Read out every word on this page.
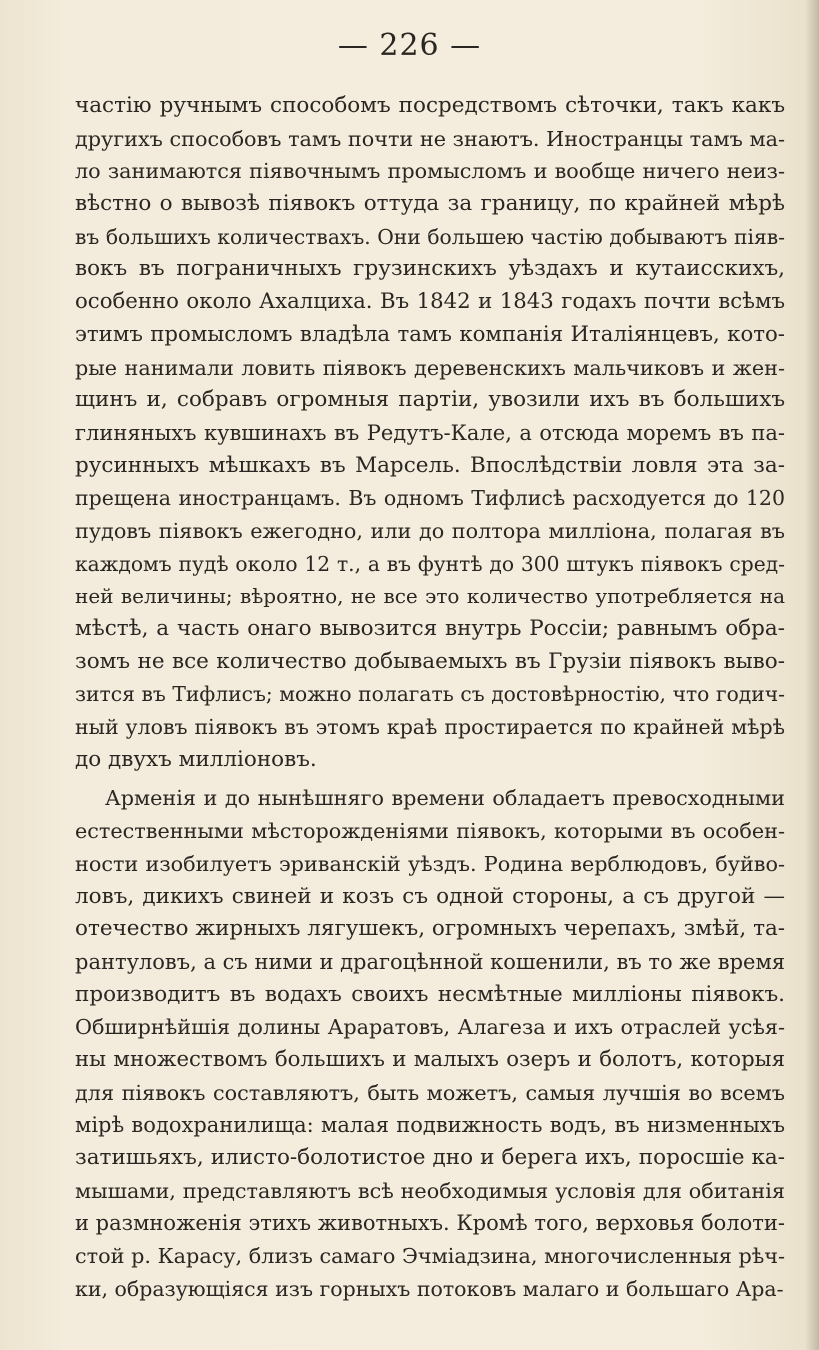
— 226 —
частію ручнымъ способомъ посредствомъ сѣточки, такъ какъ
другихъ способовъ тамъ почти не знаютъ. Иностранцы тамъ ма-
ло занимаются піявочнымъ промысломъ и вообще ничего неиз-
вѣстно о вывозѣ піявокъ оттуда за границу, по крайней мѣрѣ
въ большихъ количествахъ. Они большею частію добываютъ піяв-
вокъ въ пограничныхъ грузинскихъ уѣздахъ и кутаисскихъ,
особенно около Ахалциха. Въ 1842 и 1843 годахъ почти всѣмъ
этимъ промысломъ владѣла тамъ компанія Италіянцевъ, кото-
рые нанимали ловить піявокъ деревенскихъ мальчиковъ и жен-
щинъ и, собравъ огромныя партіи, увозили ихъ въ большихъ
глиняныхъ кувшинахъ въ Редутъ-Кале, а отсюда моремъ въ па-
русинныхъ мѣшкахъ въ Марсель. Впослѣдствіи ловля эта за-
прещена иностранцамъ. Въ одномъ Тифлисѣ расходуется до 120
пудовъ піявокъ ежегодно, или до полтора милліона, полагая въ
каждомъ пудѣ около 12 т., а въ фунтѣ до 300 штукъ піявокъ сред-
ней величины; вѣроятно, не все это количество употребляется на
мѣстѣ, а часть онаго вывозится внутрь Россіи; равнымъ обра-
зомъ не все количество добываемыхъ въ Грузіи піявокъ выво-
зится въ Тифлисъ; можно полагать съ достовѣрностію, что годич-
ный уловъ піявокъ въ этомъ краѣ простирается по крайней мѣрѣ
до двухъ милліоновъ.
Арменія и до нынѣшняго времени обладаетъ превосходными
естественными мѣсторожденіями піявокъ, которыми въ особен-
ности изобилуетъ эриванскій уѣздъ. Родина верблюдовъ, буйво-
ловъ, дикихъ свиней и козъ съ одной стороны, а съ другой —
отечество жирныхъ лягушекъ, огромныхъ черепахъ, змѣй, та-
рантуловъ, а съ ними и драгоцѣнной кошенили, въ то же время
производитъ въ водахъ своихъ несмѣтные милліоны піявокъ.
Обширнѣйшія долины Араратовъ, Алагеза и ихъ отраслей усѣя-
ны множествомъ большихъ и малыхъ озеръ и болотъ, которыя
для піявокъ составляютъ, быть можетъ, самыя лучшія во всемъ
мірѣ водохранилища: малая подвижность водъ, въ низменныхъ
затишьяхъ, илисто-болотистое дно и берега ихъ, поросшіе ка-
мышами, представляютъ всѣ необходимыя условія для обитанія
и размноженія этихъ животныхъ. Кромѣ того, верховья болоти-
стой р. Карасу, близъ самаго Эчміадзина, многочисленныя рѣч-
ки, образующіяся изъ горныхъ потоковъ малаго и большаго Ара-
